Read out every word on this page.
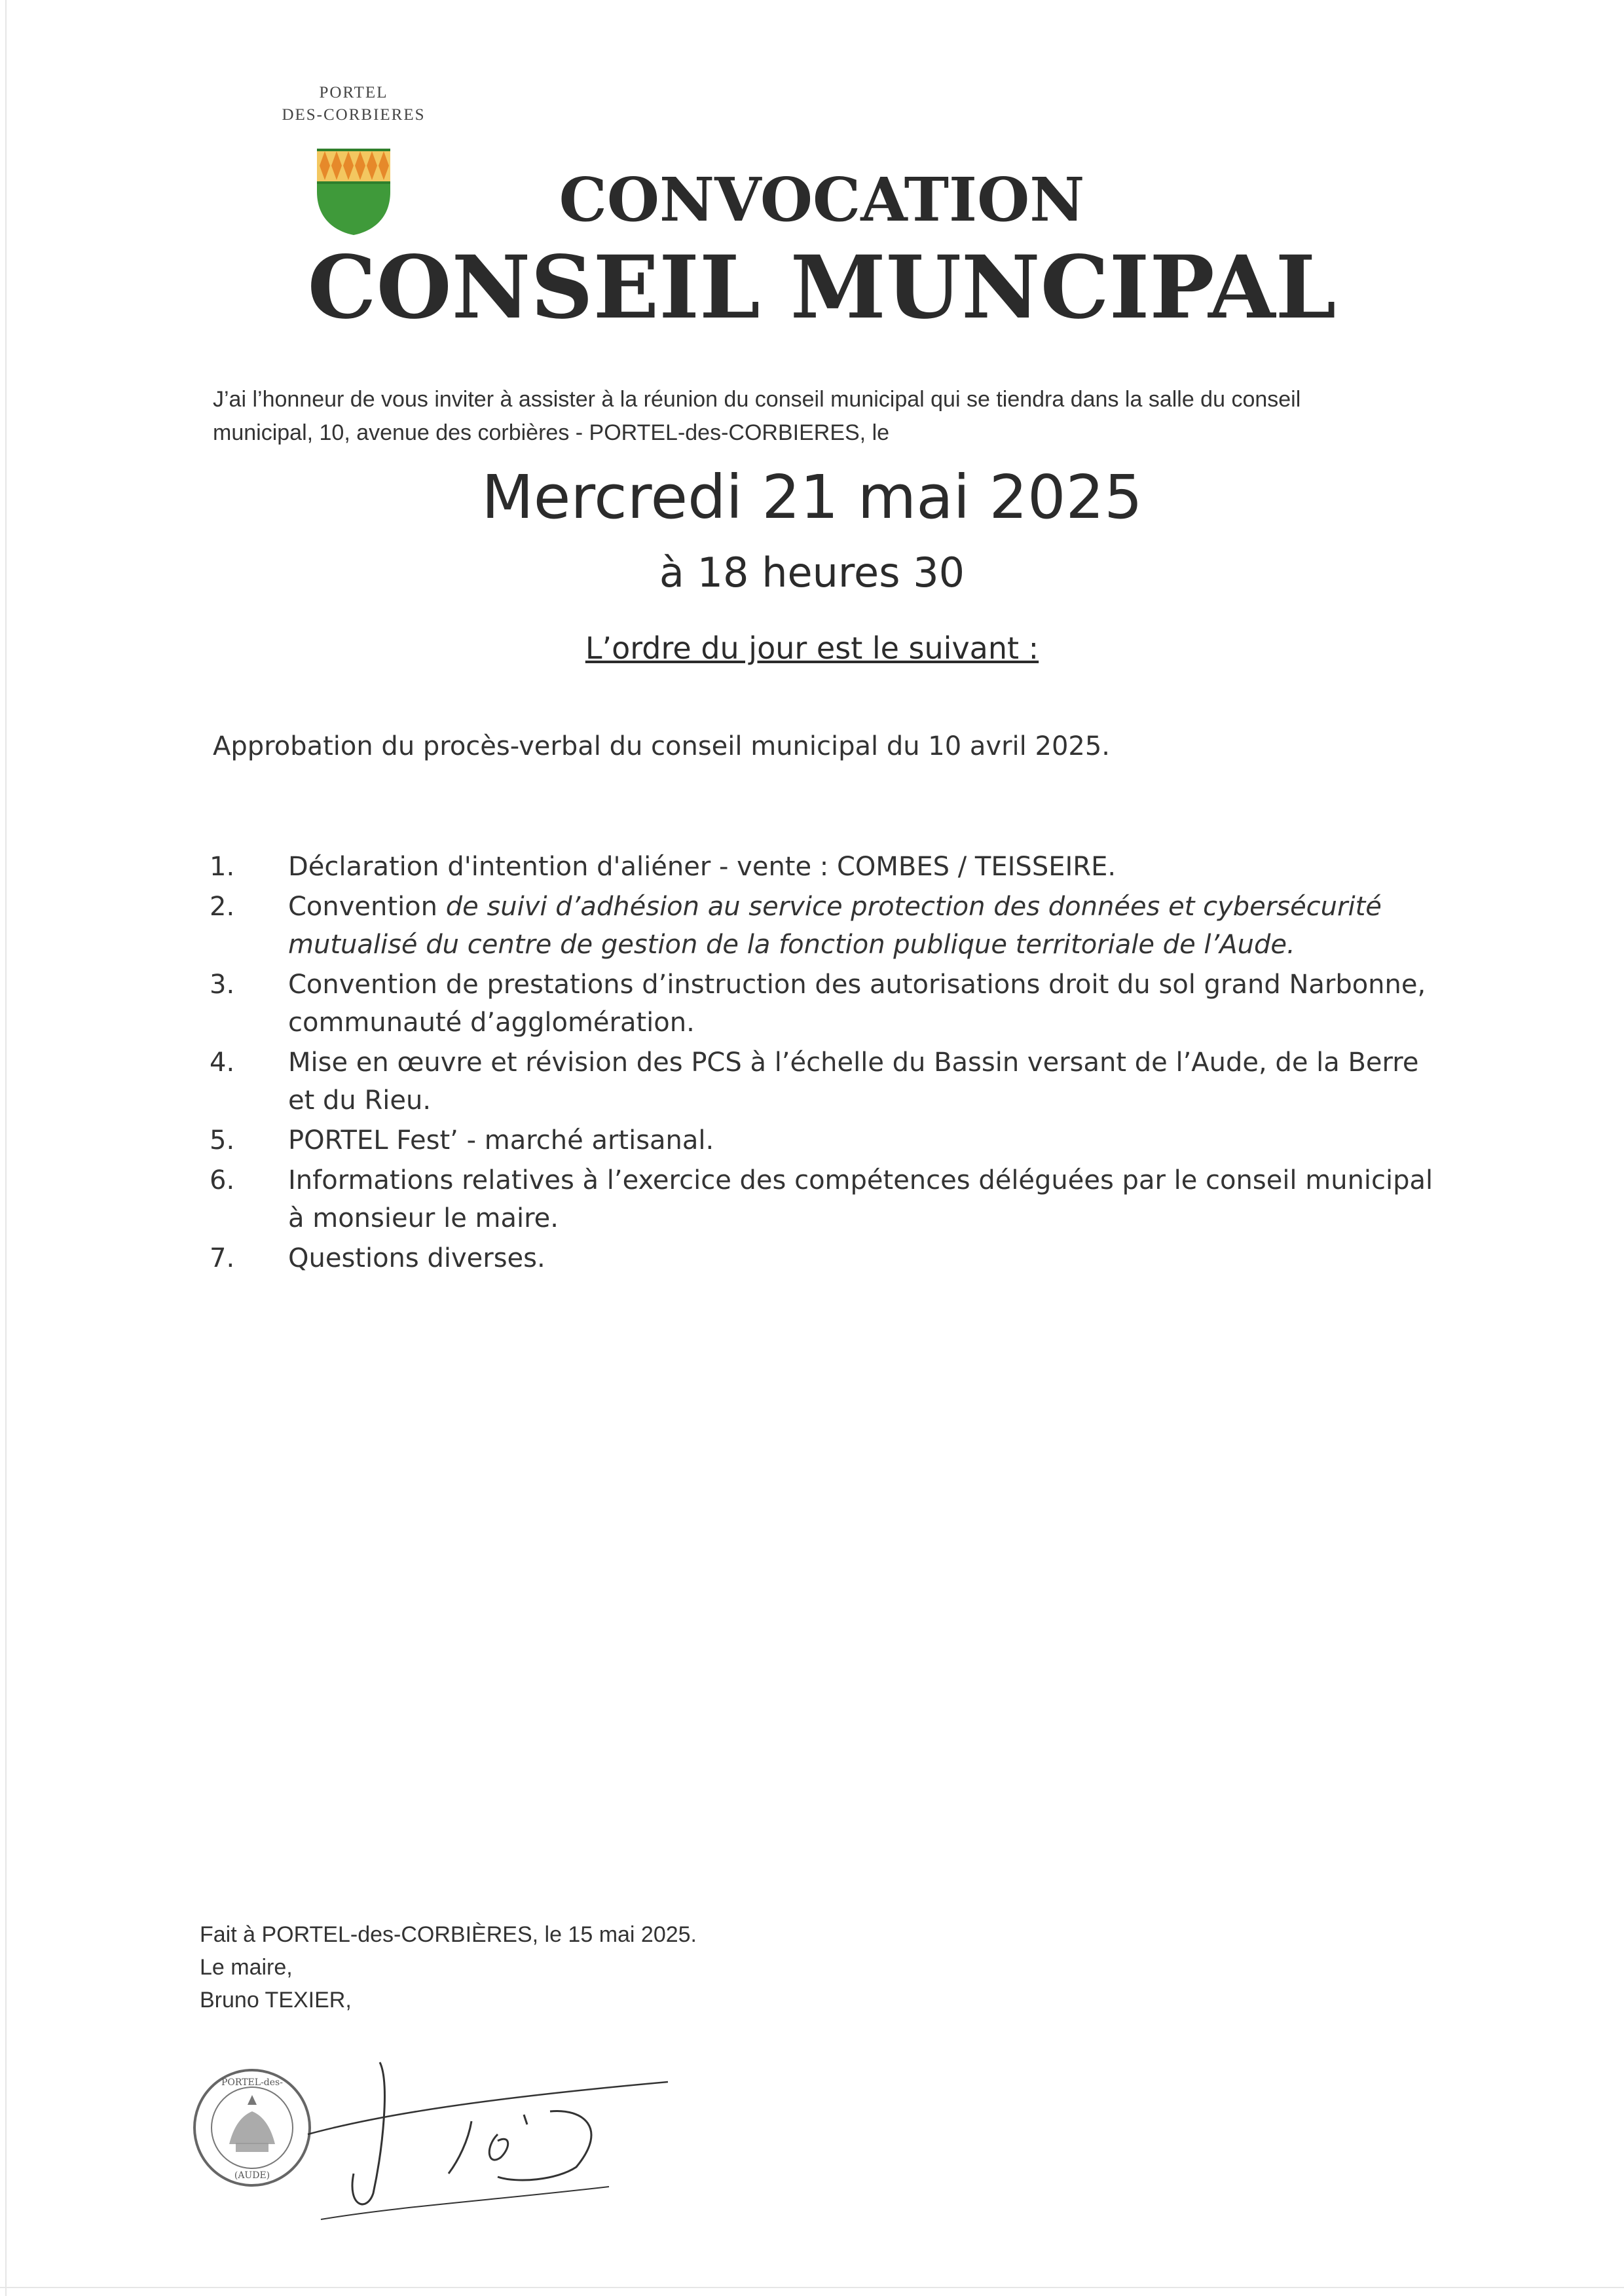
PORTEL
DES-CORBIERES
CONVOCATION
CONSEIL MUNCIPAL
J’ai l’honneur de vous inviter à assister à la réunion du conseil municipal qui se tiendra dans la salle du conseil
municipal, 10, avenue des corbières - PORTEL-des-CORBIERES, le
Mercredi 21 mai 2025
à 18 heures 30
L’ordre du jour est le suivant :
Approbation du procès-verbal du conseil municipal du 10 avril 2025.
1. Déclaration d'intention d'aliéner - vente : COMBES / TEISSEIRE.
2. Convention de suivi d’adhésion au service protection des données et cybersécurité mutualisé du centre de gestion de la fonction publique territoriale de l’Aude.
3. Convention de prestations d’instruction des autorisations droit du sol grand Narbonne, communauté d’agglomération.
4. Mise en œuvre et révision des PCS à l’échelle du Bassin versant de l’Aude, de la Berre et du Rieu.
5. PORTEL Fest’ - marché artisanal.
6. Informations relatives à l’exercice des compétences déléguées par le conseil municipal à monsieur le maire.
7. Questions diverses.
Fait à PORTEL-des-CORBIÈRES, le 15 mai 2025.
Le maire,
Bruno TEXIER,
PORTEL-des-
(AUDE)
